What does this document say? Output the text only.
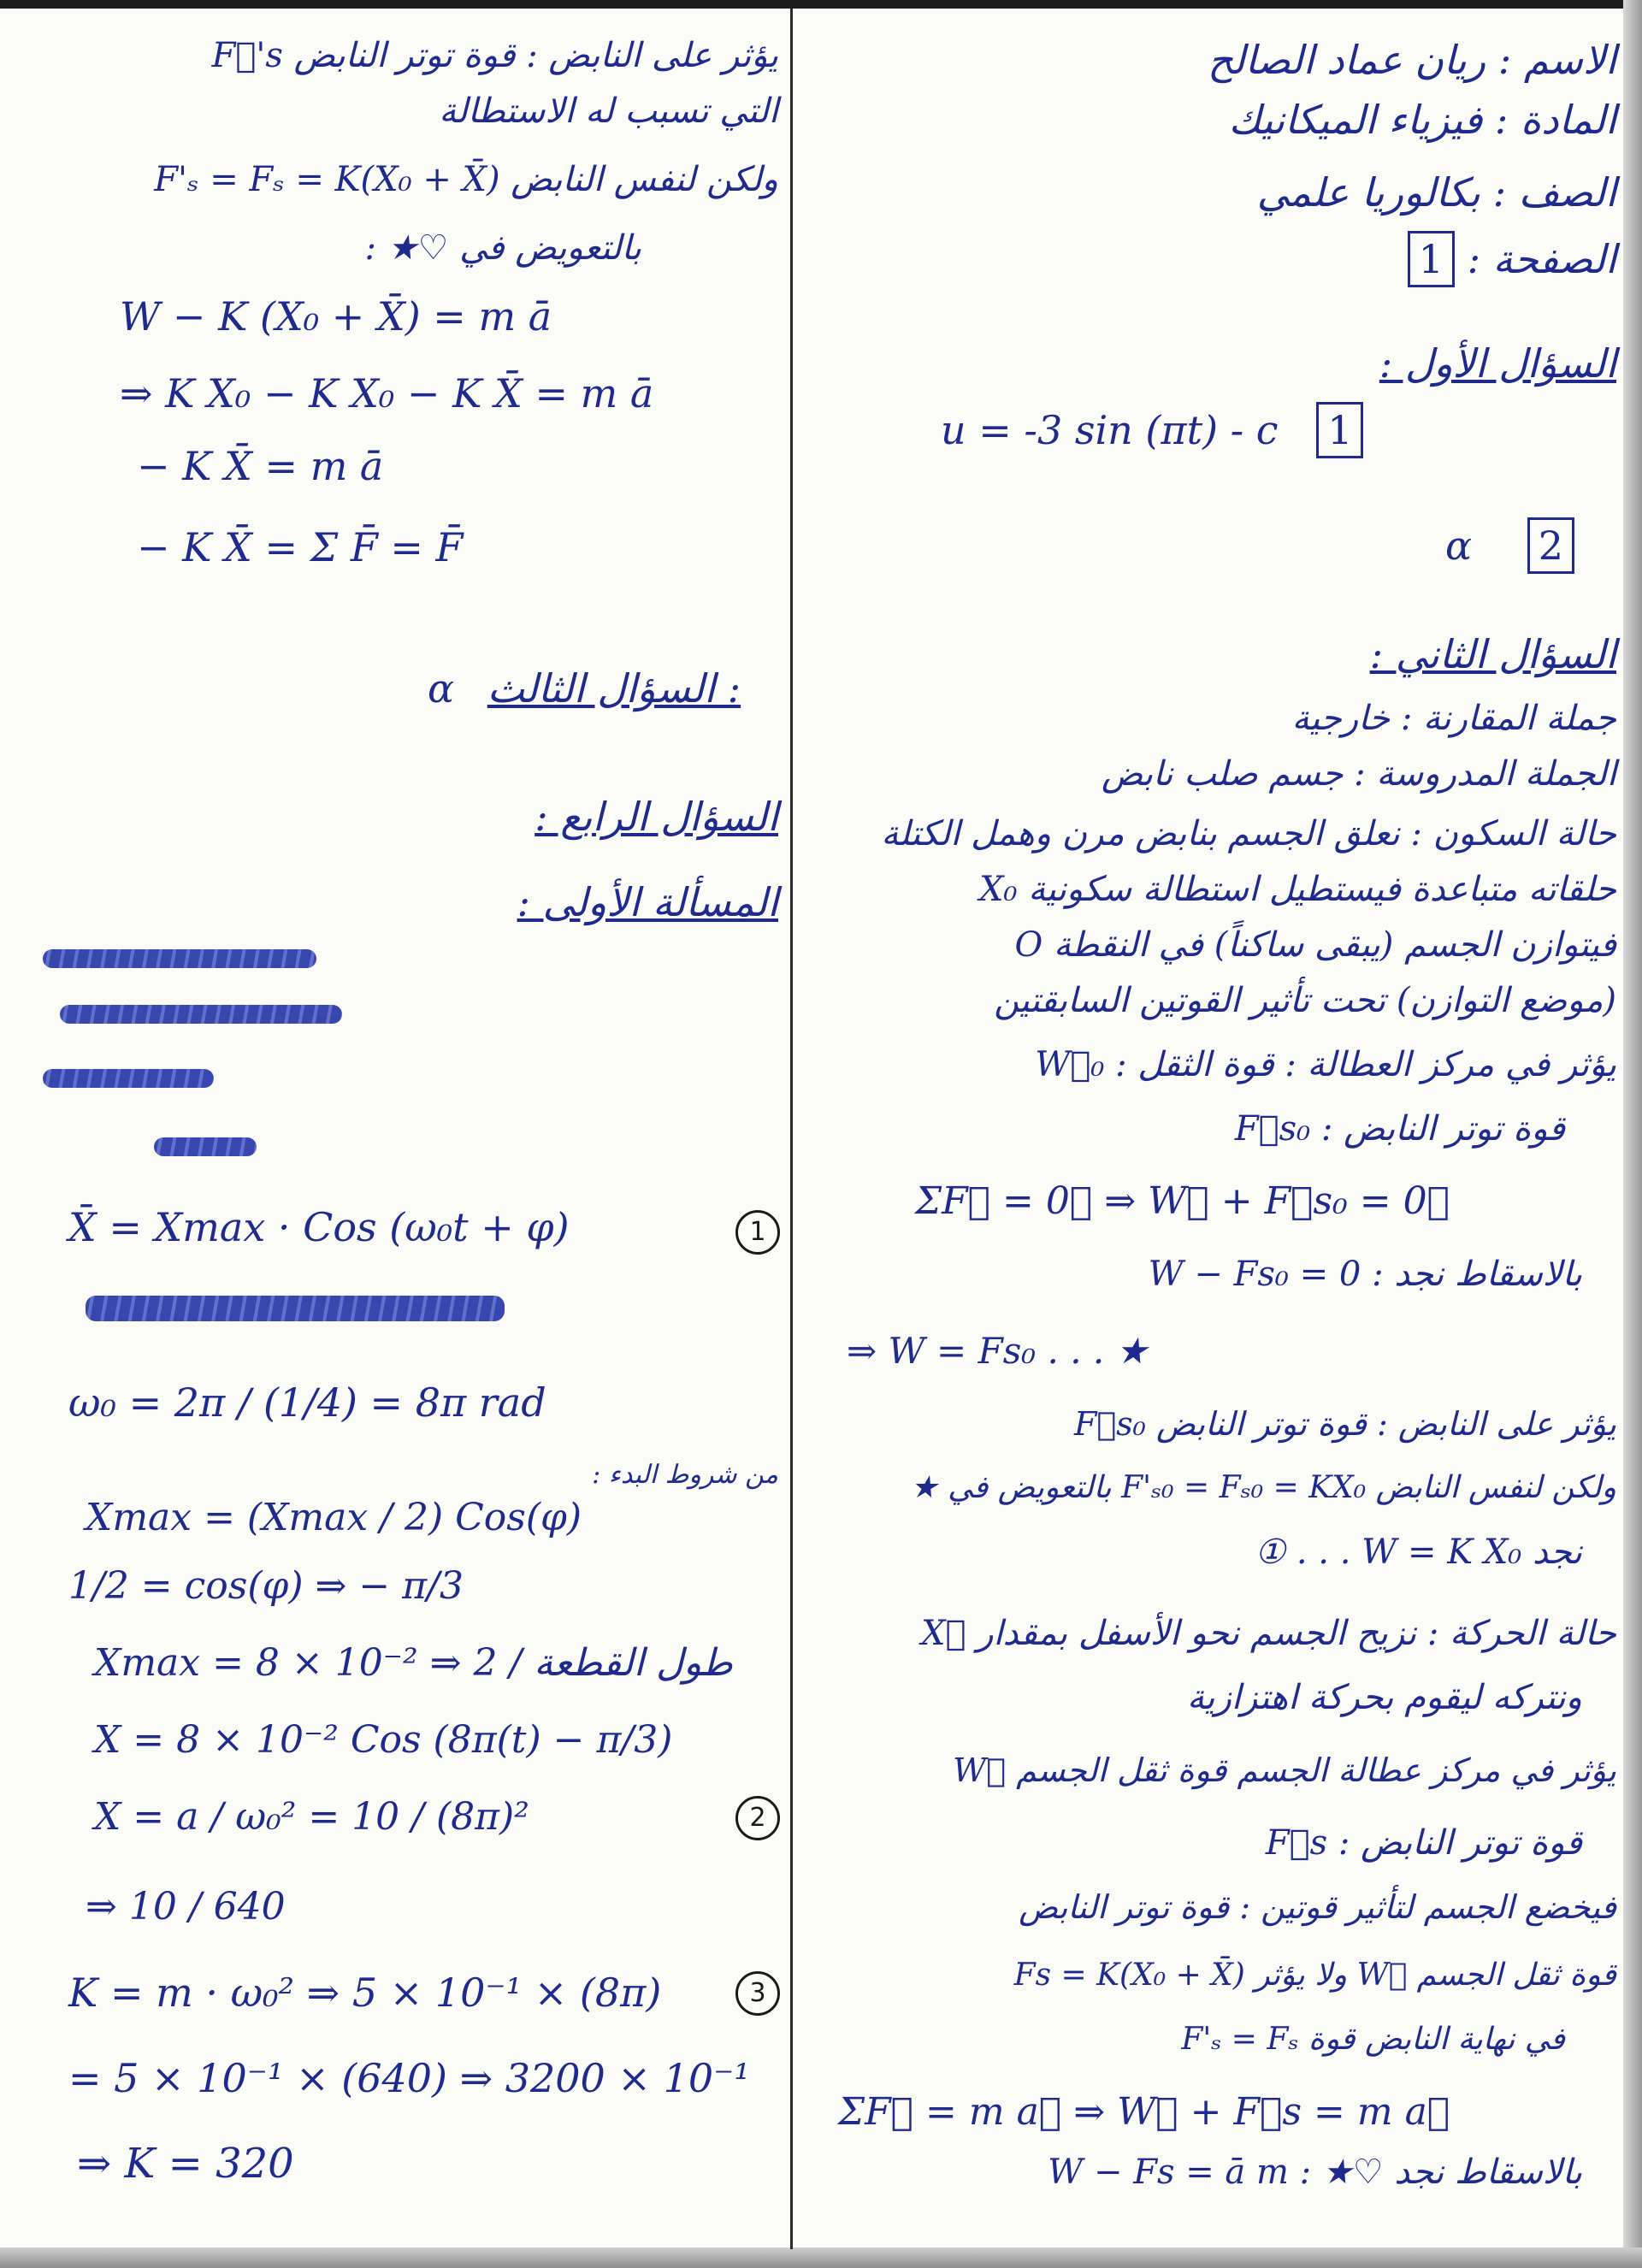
الاسم : ريان عماد الصالح
المادة : فيزياء الميكانيك
الصف : بكالوريا علمي
الصفحة : 1
السؤال الأول :
u = -3 sin (πt) - c 1
α 2
السؤال الثاني :
جملة المقارنة : خارجية
الجملة المدروسة : جسم صلب نابض
حالة السكون : نعلق الجسم بنابض مرن وهمل الكتلة
حلقاته متباعدة فيستطيل استطالة سكونية X₀
فيتوازن الجسم (يبقى ساكناً) في النقطة O
(موضع التوازن) تحت تأثير القوتين السابقتين
يؤثر في مركز العطالة : قوة الثقل : W⃗₀
قوة توتر النابض : F⃗s₀
ΣF⃗ = 0⃗ ⇒ W⃗ + F⃗s₀ = 0⃗
بالاسقاط نجد : W − Fs₀ = 0
⇒ W = Fs₀ . . . ★
يؤثر على النابض : قوة توتر النابض F⃗s₀
ولكن لنفس النابض F'ₛ₀ = Fₛ₀ = KX₀ بالتعويض في ★
نجد W = K X₀ . . . ①
حالة الحركة : نزيح الجسم نحو الأسفل بمقدار X⃗
ونتركه ليقوم بحركة اهتزازية
يؤثر في مركز عطالة الجسم قوة ثقل الجسم W⃗
قوة توتر النابض : F⃗s
فيخضع الجسم لتأثير قوتين : قوة توتر النابض
قوة ثقل الجسم W⃗ ولا يؤثر Fs = K(X₀ + X̄)
في نهاية النابض قوة F'ₛ = Fₛ
ΣF⃗ = m a⃗ ⇒ W⃗ + F⃗s = m a⃗
بالاسقاط نجد ♡★ : W − Fs = ā m
يؤثر على النابض : قوة توتر النابض F⃗'s
التي تسبب له الاستطالة
ولكن لنفس النابض F'ₛ = Fₛ = K(X₀ + X̄)
بالتعويض في ♡★ :
W − K (X₀ + X̄) = m ā
⇒ K X₀ − K X₀ − K X̄ = m ā
− K X̄ = m ā
− K X̄ = Σ F̄ = F̄
α السؤال الثالث :
السؤال الرابع :
المسألة الأولى :
X̄ = Xmax · Cos (ω₀t + φ)	1
ω₀ = 2π / (1/4) = 8π rad
من شروط البدء :
Xmax = (Xmax / 2) Cos(φ)
1/2 = cos(φ) ⇒ − π/3
Xmax = 8 × 10⁻² ⇒ طول القطعة / 2
X = 8 × 10⁻² Cos (8π(t) − π/3)
X = a / ω₀² = 10 / (8π)²	2
⇒ 10 / 640
K = m · ω₀² ⇒ 5 × 10⁻¹ × (8π)	3
= 5 × 10⁻¹ × (640) ⇒ 3200 × 10⁻¹
⇒ K = 320
